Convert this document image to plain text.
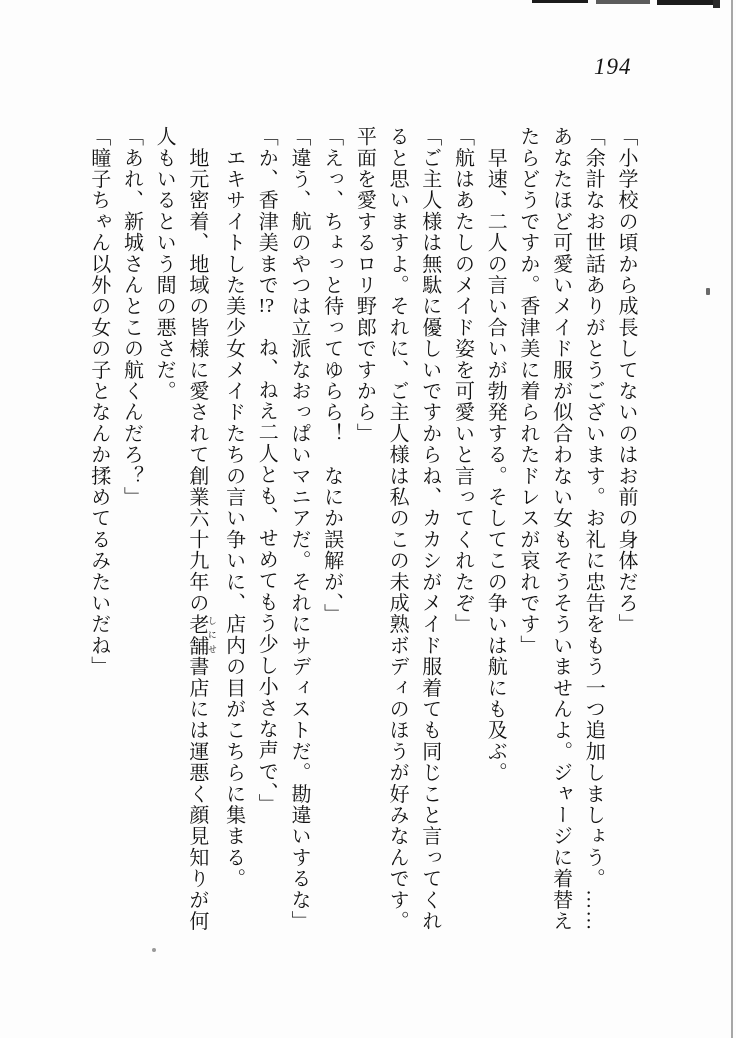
194
「小学校の頃から成長してないのはお前の身体だろ」
「余計なお世話ありがとうございます。お礼に忠告をもう一つ追加しましょう。……
あなたほど可愛いメイド服が似合わない女もそうそういませんよ。ジャージに着替え
たらどうですか。香津美に着られたドレスが哀れです」
　早速、二人の言い合いが勃発する。そしてこの争いは航にも及ぶ。
「航はあたしのメイド姿を可愛いと言ってくれたぞ」
「ご主人様は無駄に優しいですからね、カカシがメイド服着ても同じこと言ってくれ
ると思いますよ。それに、ご主人様は私のこの未成熟ボディのほうが好みなんです。
平面を愛するロリ野郎ですから」
「えっ、ちょっと待ってゆらら！　なにか誤解が、」
「違う、航のやつは立派なおっぱいマニアだ。それにサディストだ。勘違いするな」
「か、香津美まで!?　ね、ねえ二人とも、せめてもう少し小さな声で、」
　エキサイトした美少女メイドたちの言い争いに、店内の目がこちらに集まる。
　地元密着、地域の皆様に愛されて創業六十九年の老舗 しにせ書店には運悪く顔見知りが何
人もいるという間の悪さだ。
「あれ、新城さんとこの航くんだろ？」
「瞳子ちゃん以外の女の子となんか揉めてるみたいだね」
